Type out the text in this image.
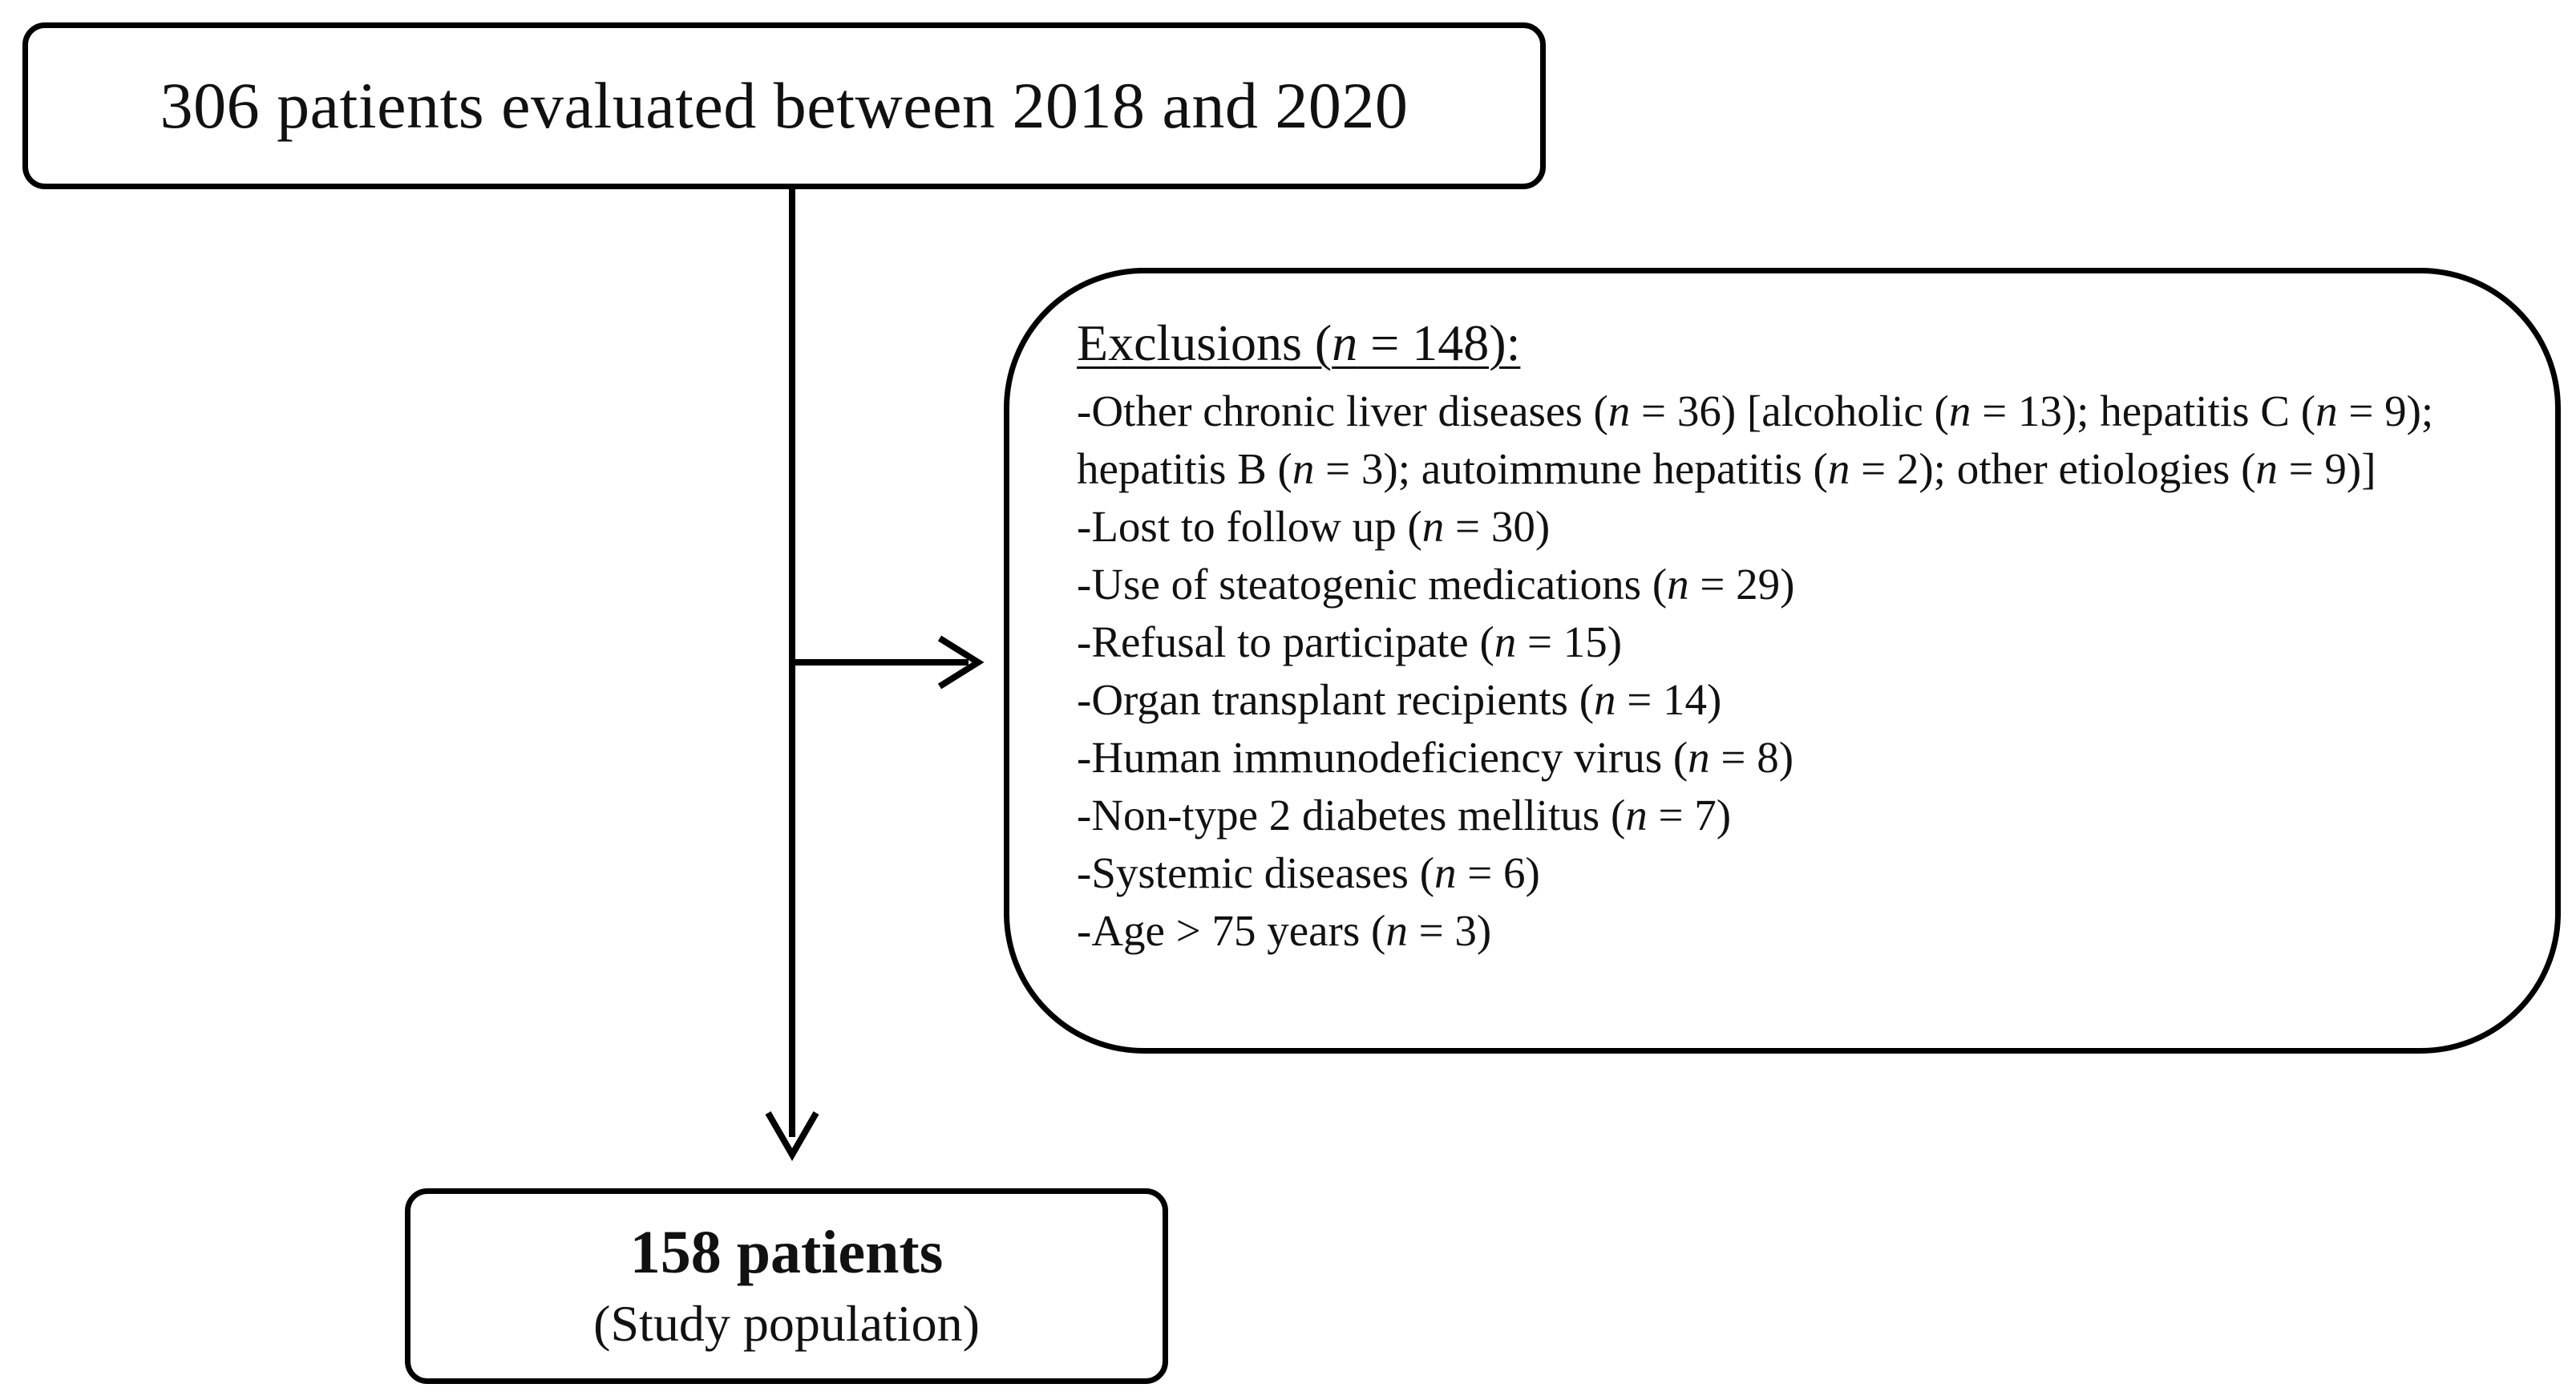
306 patients evaluated between 2018 and 2020
Exclusions (n = 148):

-Other chronic liver diseases (n = 36) [alcoholic (n = 13); hepatitis C (n = 9); hepatitis B (n = 3); autoimmune hepatitis (n = 2); other etiologies (n = 9)]

-Lost to follow up (n = 30)

-Use of steatogenic medications (n = 29)

-Refusal to participate (n = 15)

-Organ transplant recipients (n = 14)

-Human immunodeficiency virus (n = 8)

-Non-type 2 diabetes mellitus (n = 7)

-Systemic diseases (n = 6)

-Age > 75 years (n = 3)

158 patients
(Study population)
